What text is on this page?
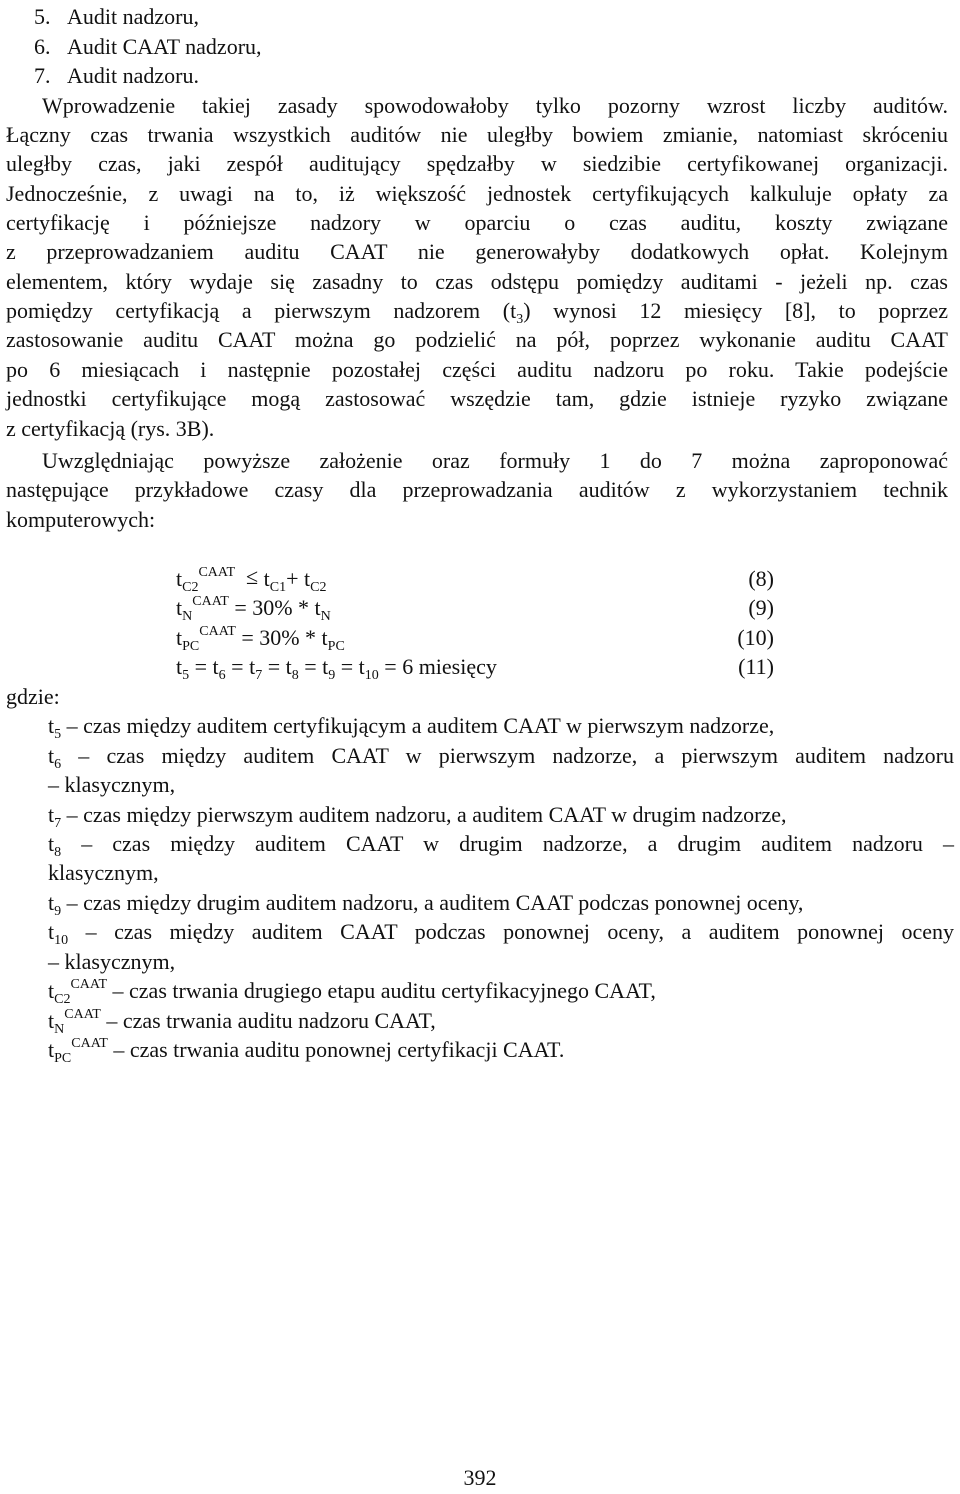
5. Audit nadzoru,
6. Audit CAAT nadzoru,
7. Audit nadzoru.
Wprowadzenie takiej zasady spowodowałoby tylko pozorny wzrost liczby auditów.
Łączny czas trwania wszystkich auditów nie uległby bowiem zmianie, natomiast skróceniu
uległby czas, jaki zespół auditujący spędzałby w siedzibie certyfikowanej organizacji.
Jednocześnie, z uwagi na to, iż większość jednostek certyfikujących kalkuluje opłaty za
certyfikację i późniejsze nadzory w oparciu o czas auditu, koszty związane
z przeprowadzaniem auditu CAAT nie generowałyby dodatkowych opłat. Kolejnym
elementem, który wydaje się zasadny to czas odstępu pomiędzy auditami - jeżeli np. czas
pomiędzy certyfikacją a pierwszym nadzorem $(t_3)$ wynosi 12 miesięcy [8], to poprzez
zastosowanie auditu CAAT można go podzielić na pół, poprzez wykonanie auditu CAAT
po 6 miesiącach i następnie pozostałej części auditu nadzoru po roku. Takie podejście
jednostki certyfikujące mogą zastosować wszędzie tam, gdzie istnieje ryzyko związane
z certyfikacją (rys. 3B).
Uwzględniając powyższe założenie oraz formuły 1 do 7 można zaproponować
następujące przykładowe czasy dla przeprowadzania auditów z wykorzystaniem technik
komputerowych:
$t_{C2}^{CAAT} \le t_{C1}+ t_{C2}$	(8)
$t_N^{CAAT} = 30\% * t_N$	(9)
$t_{PC}^{CAAT} = 30\% * t_{PC}$	(10)
$t_5 = t_6 = t_7 = t_8 = t_9 = t_{10} = 6$ miesięcy	(11)
gdzie:
$t_5$ – czas między auditem certyfikującym a auditem CAAT w pierwszym nadzorze,
$t_6$ – czas między auditem CAAT w pierwszym nadzorze, a pierwszym auditem nadzoru
– klasycznym,
$t_7$ – czas między pierwszym auditem nadzoru, a auditem CAAT w drugim nadzorze,
$t_8$ – czas między auditem CAAT w drugim nadzorze, a drugim auditem nadzoru –
klasycznym,
$t_9$ – czas między drugim auditem nadzoru, a auditem CAAT podczas ponownej oceny,
$t_{10}$ – czas między auditem CAAT podczas ponownej oceny, a auditem ponownej oceny
– klasycznym,
$t_{C2}^{CAAT}$ – czas trwania drugiego etapu auditu certyfikacyjnego CAAT,
$t_N^{CAAT}$ – czas trwania auditu nadzoru CAAT,
$t_{PC}^{CAAT}$ – czas trwania auditu ponownej certyfikacji CAAT.
392
